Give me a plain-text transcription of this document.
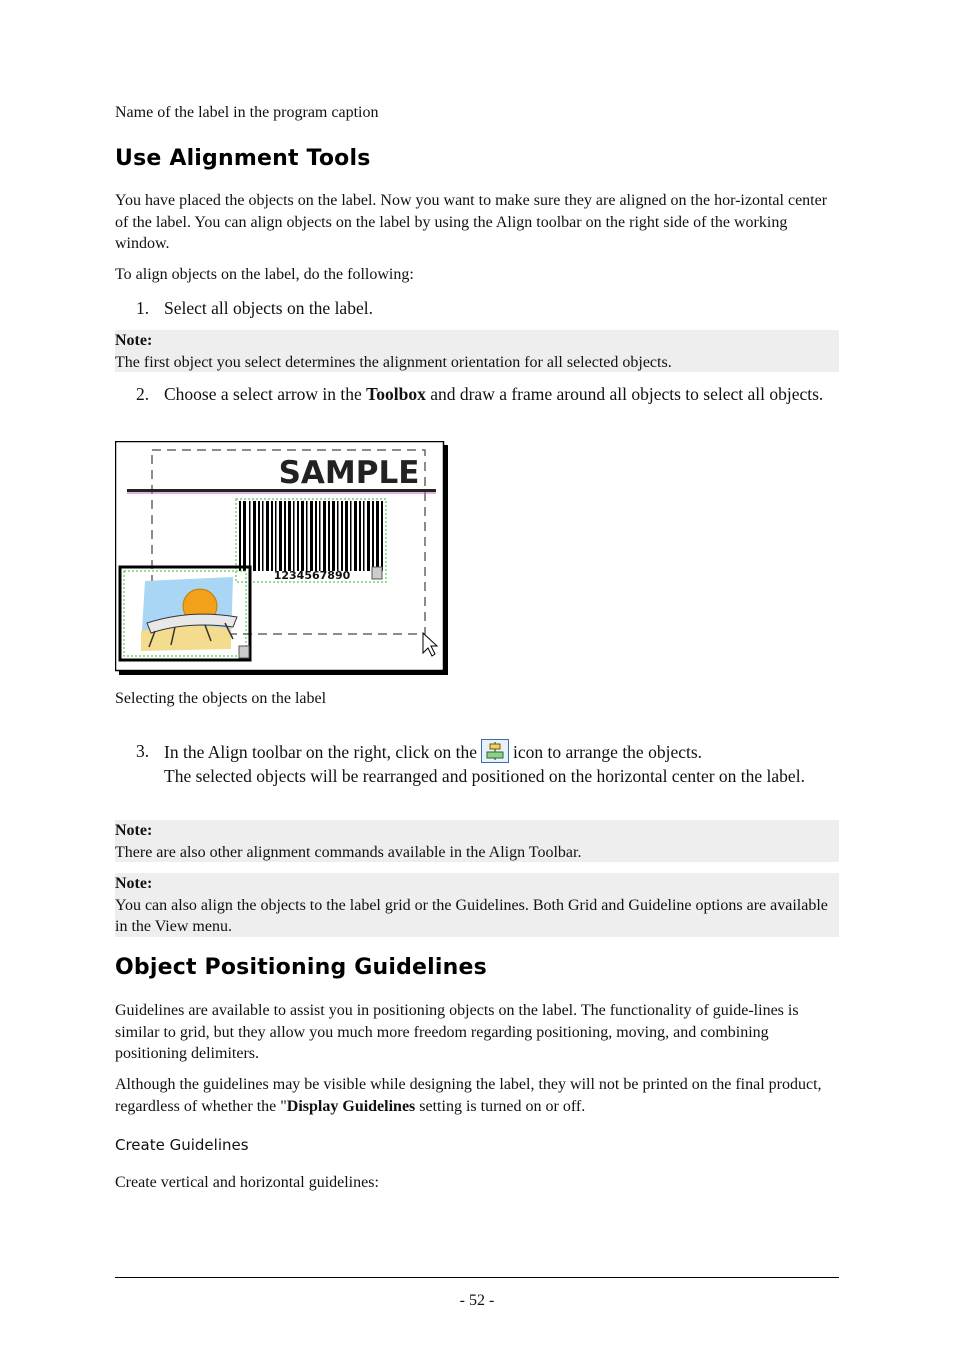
Name of the label in the program caption
Use Alignment Tools
You have placed the objects on the label. Now you want to make sure they are aligned on the hor-izontal center of the label. You can align objects on the label by using the Align toolbar on the right side of the working window.
To align objects on the label, do the following:
1. Select all objects on the label.
Note:
The first object you select determines the alignment orientation for all selected objects.
2. Choose a select arrow in the Toolbox and draw a frame around all objects to select all objects.
SAMPLE
1234567890
Selecting the objects on the label
3. In the Align toolbar on the right, click on the icon to arrange the objects.
The selected objects will be rearranged and positioned on the horizontal center on the label.
Note:
There are also other alignment commands available in the Align Toolbar.
Note:
You can also align the objects to the label grid or the Guidelines. Both Grid and Guideline options are available in the View menu.
Object Positioning Guidelines
Guidelines are available to assist you in positioning objects on the label. The functionality of guide-lines is similar to grid, but they allow you much more freedom regarding positioning, moving, and combining positioning delimiters.
Although the guidelines may be visible while designing the label, they will not be printed on the final product, regardless of whether the "Display Guidelines setting is turned on or off.
Create Guidelines
Create vertical and horizontal guidelines:
- 52 -
